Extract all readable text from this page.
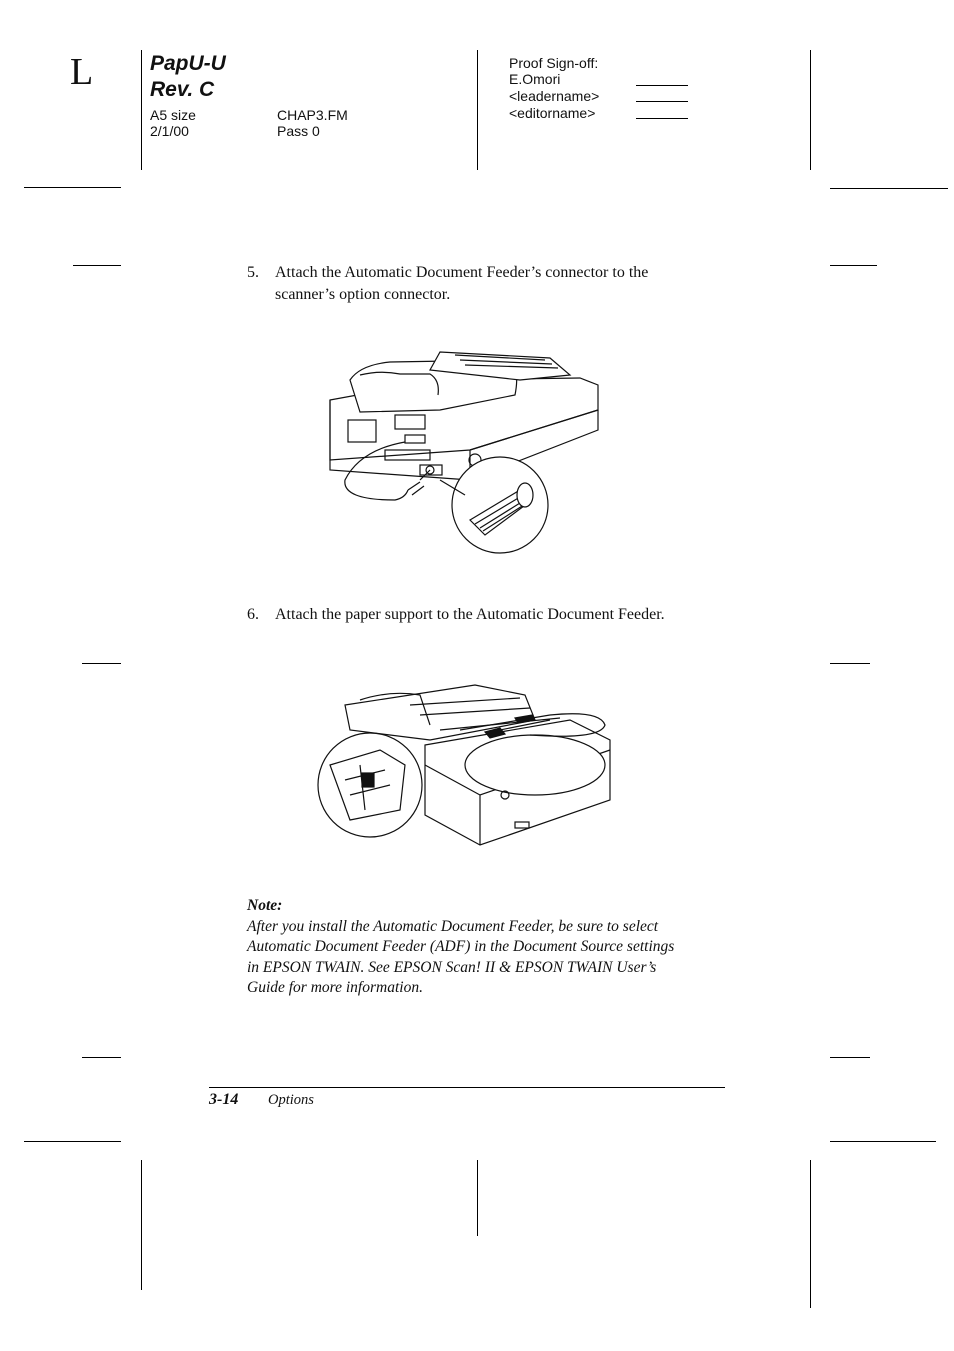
L	PapU-U
Rev. C
A5 size
2/1/00
CHAP3.FM
Pass 0
Proof Sign-off:
E.Omori
<leadername>
<editorname>
5. Attach the Automatic Document Feeder’s connector to the
scanner’s option connector.
6. Attach the paper support to the Automatic Document Feeder.
Note:
After you install the Automatic Document Feeder, be sure to select
Automatic Document Feeder (ADF) in the Document Source settings
in EPSON TWAIN. See EPSON Scan! II & EPSON TWAIN User’s
Guide for more information.
3-14 Options
